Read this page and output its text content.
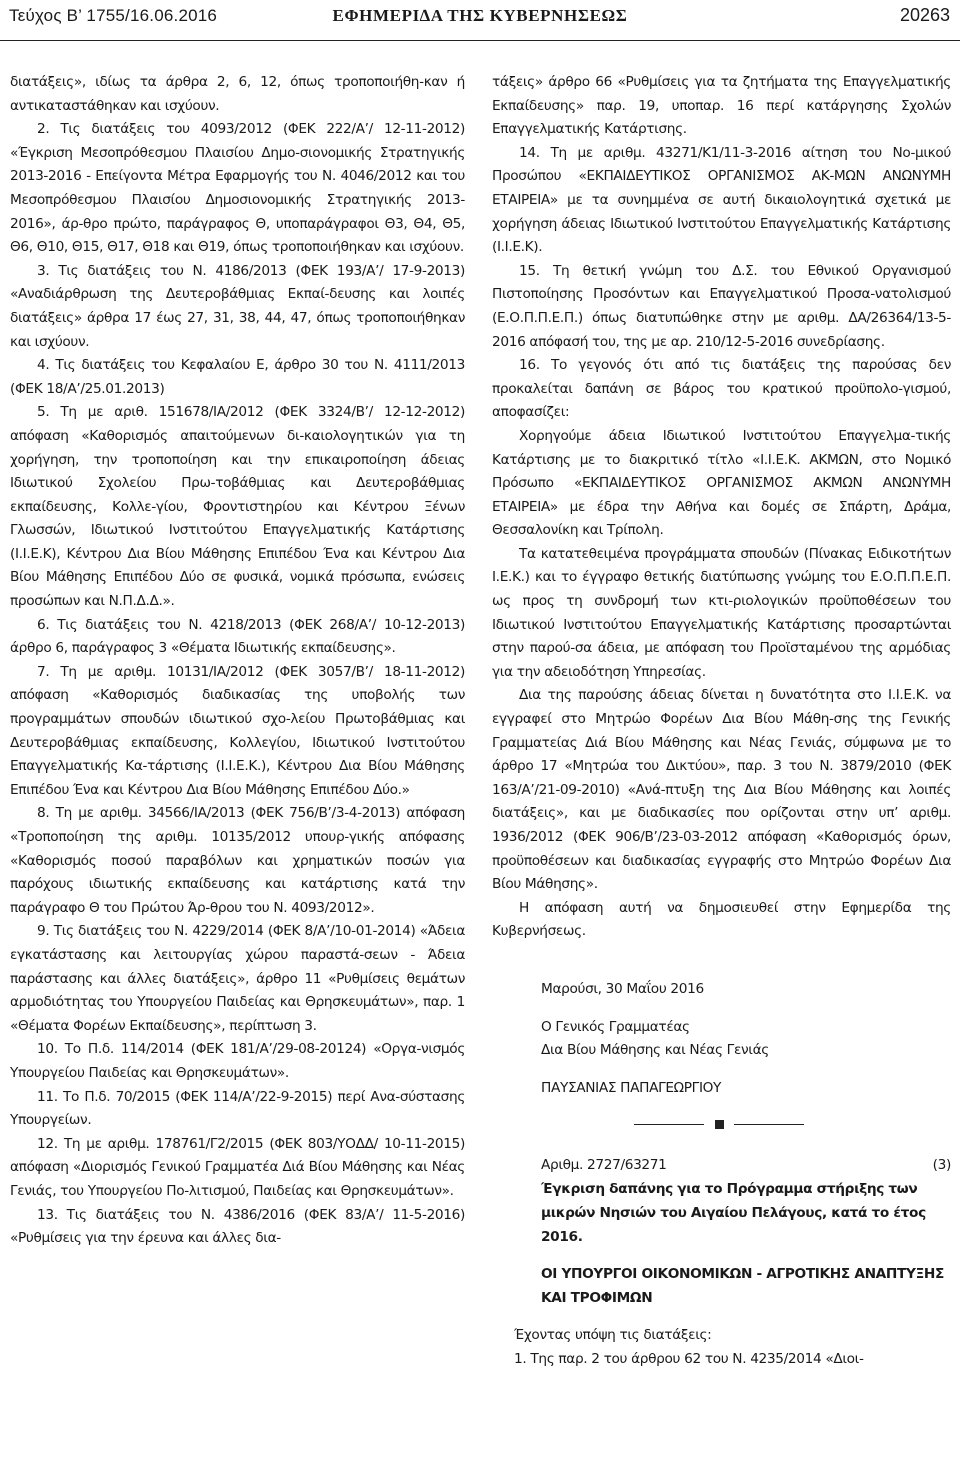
Τεύχος Β’ 1755/16.06.2016	ΕΦΗΜΕΡΙ∆Α ΤΗΣ ΚΥΒΕΡΝΗΣΕΩΣ	20263

διατάξεις», ιδίως τα άρθρα 2, 6, 12, όπως τροποποιήθη-καν ή αντικαταστάθηκαν και ισχύουν.

2. Τις διατάξεις του 4093/2012 (ΦΕΚ 222/Α’/ 12-11-2012) «Έγκριση Μεσοπρόθεσμου Πλαισίου Δημο-σιονομικής Στρατηγικής 2013-2016 - Επείγοντα Μέτρα Εφαρμογής του Ν. 4046/2012 και του Μεσοπρόθεσμου Πλαισίου Δημοσιονομικής Στρατηγικής 2013-2016», άρ-θρο πρώτο, παράγραφος Θ, υποπαράγραφοι Θ3, Θ4, Θ5, Θ6, Θ10, Θ15, Θ17, Θ18 και Θ19, όπως τροποποιήθηκαν και ισχύουν.

3. Τις διατάξεις του Ν. 4186/2013 (ΦΕΚ 193/Α’/ 17-9-2013) «Αναδιάρθρωση της Δευτεροβάθμιας Εκπαί-δευσης και λοιπές διατάξεις» άρθρα 17 έως 27, 31, 38, 44, 47, όπως τροποποιήθηκαν και ισχύουν.

4. Τις διατάξεις του Κεφαλαίου Ε, άρθρο 30 του Ν. 4111/2013 (ΦΕΚ 18/Α’/25.01.2013)

5. Τη με αριθ. 151678/ΙΑ/2012 (ΦΕΚ 3324/Β’/ 12-12-2012) απόφαση «Καθορισμός απαιτούμενων δι-καιολογητικών για τη χορήγηση, την τροποποίηση και την επικαιροποίηση άδειας Ιδιωτικού Σχολείου Πρω-τοβάθμιας και Δευτεροβάθμιας εκπαίδευσης, Κολλε-γίου, Φροντιστηρίου και Κέντρου Ξένων Γλωσσών, Ιδιωτικού Ινστιτούτου Επαγγελματικής Κατάρτισης (Ι.Ι.Ε.Κ), Κέντρου Δια Βίου Μάθησης Επιπέδου Ένα και Κέντρου Δια Βίου Μάθησης Επιπέδου Δύο σε φυσικά, νομικά πρόσωπα, ενώσεις προσώπων και Ν.Π.Δ.Δ.».

6. Τις διατάξεις του Ν. 4218/2013 (ΦΕΚ 268/Α’/ 10-12-2013) άρθρο 6, παράγραφος 3 «Θέματα Ιδιωτικής εκπαίδευσης».

7. Τη με αριθμ. 10131/ΙΑ/2012 (ΦΕΚ 3057/Β’/ 18-11-2012) απόφαση «Καθορισμός διαδικασίας της υποβολής των προγραμμάτων σπουδών ιδιωτικού σχο-λείου Πρωτοβάθμιας και Δευτεροβάθμιας εκπαίδευσης, Κολλεγίου, Ιδιωτικού Ινστιτούτου Επαγγελματικής Κα-τάρτισης (Ι.Ι.Ε.Κ.), Κέντρου Δια Βίου Μάθησης Επιπέδου Ένα και Κέντρου Δια Βίου Μάθησης Επιπέδου Δύο.»

8. Τη με αριθμ. 34566/ΙΑ/2013 (ΦΕΚ 756/Β’/3-4-2013) απόφαση «Τροποποίηση της αριθμ. 10135/2012 υπουρ-γικής απόφασης «Καθορισμός ποσού παραβόλων και χρηματικών ποσών για παρόχους ιδιωτικής εκπαίδευσης και κατάρτισης κατά την παράγραφο Θ του Πρώτου Άρ-θρου του Ν. 4093/2012».

9. Τις διατάξεις του Ν. 4229/2014 (ΦΕΚ 8/Α’/10-01-2014) «Άδεια εγκατάστασης και λειτουργίας χώρου παραστά-σεων - Άδεια παράστασης και άλλες διατάξεις», άρθρο 11 «Ρυθμίσεις θεμάτων αρμοδιότητας του Υπουργείου Παιδείας και Θρησκευμάτων», παρ. 1 «Θέματα Φορέων Εκπαίδευσης», περίπτωση 3.

10. Το Π.δ. 114/2014 (ΦΕΚ 181/Α’/29-08-20124) «Οργα-νισμός Υπουργείου Παιδείας και Θρησκευμάτων».

11. Το Π.δ. 70/2015 (ΦΕΚ 114/Α’/22-9-2015) περί Ανα-σύστασης Υπουργείων.

12. Τη με αριθμ. 178761/Γ2/2015 (ΦΕΚ 803/ΥΟΔΔ/ 10-11-2015) απόφαση «Διορισμός Γενικού Γραμματέα Διά Βίου Μάθησης και Νέας Γενιάς, του Υπουργείου Πο-λιτισμού, Παιδείας και Θρησκευμάτων».

13. Τις διατάξεις του Ν. 4386/2016 (ΦΕΚ 83/Α’/ 11-5-2016) «Ρυθμίσεις για την έρευνα και άλλες δια-

τάξεις» άρθρο 66 «Ρυθμίσεις για τα ζητήματα της Επαγγελματικής Εκπαίδευσης» παρ. 19, υποπαρ. 16 περί κατάργησης Σχολών Επαγγελματικής Κατάρτισης.

14. Τη με αριθμ. 43271/Κ1/11-3-2016 αίτηση του Νο-μικού Προσώπου «ΕΚΠΑΙΔΕΥΤΙΚΟΣ ΟΡΓΑΝΙΣΜΟΣ ΑΚ-ΜΩΝ ΑΝΩΝΥΜΗ ΕΤΑΙΡΕΙΑ» με τα συνημμένα σε αυτή δικαιολογητικά σχετικά με χορήγηση άδειας Ιδιωτικού Ινστιτούτου Επαγγελματικής Κατάρτισης (Ι.Ι.Ε.Κ).

15. Τη θετική γνώμη του Δ.Σ. του Εθνικού Οργανισμού Πιστοποίησης Προσόντων και Επαγγελματικού Προσα-νατολισμού (Ε.Ο.Π.Π.Ε.Π.) όπως διατυπώθηκε στην με αριθμ. ΔΑ/26364/13-5-2016 απόφασή του, της με αρ. 210/12-5-2016 συνεδρίασης.

16. Το γεγονός ότι από τις διατάξεις της παρούσας δεν προκαλείται δαπάνη σε βάρος του κρατικού προϋπολο-γισμού, αποφασίζει:

Χορηγούμε άδεια Ιδιωτικού Ινστιτούτου Επαγγελμα-τικής Κατάρτισης με το διακριτικό τίτλο «Ι.Ι.Ε.Κ. ΑΚΜΩΝ, στο Νομικό Πρόσωπο «ΕΚΠΑΙΔΕΥΤΙΚΟΣ ΟΡΓΑΝΙΣΜΟΣ ΑΚΜΩΝ ΑΝΩΝΥΜΗ ΕΤΑΙΡΕΙΑ» με έδρα την Αθήνα και δομές σε Σπάρτη, Δράμα, Θεσσαλονίκη και Τρίπολη.

Τα κατατεθειμένα προγράμματα σπουδών (Πίνακας Ειδικοτήτων Ι.Ε.Κ.) και το έγγραφο θετικής διατύπωσης γνώμης του Ε.Ο.Π.Π.Ε.Π. ως προς τη συνδρομή των κτι-ριολογικών προϋποθέσεων του Ιδιωτικού Ινστιτούτου Επαγγελματικής Κατάρτισης προσαρτώνται στην παρού-σα άδεια, με απόφαση του Προϊσταμένου της αρμόδιας για την αδειοδότηση Υπηρεσίας.

Δια της παρούσης άδειας δίνεται η δυνατότητα στο Ι.Ι.Ε.Κ. να εγγραφεί στο Μητρώο Φορέων Δια Βίου Μάθη-σης της Γενικής Γραμματείας Διά Βίου Μάθησης και Νέας Γενιάς, σύμφωνα με το άρθρο 17 «Μητρώα του Δικτύου», παρ. 3 του Ν. 3879/2010 (ΦΕΚ 163/Α’/21-09-2010) «Ανά-πτυξη της Δια Βίου Μάθησης και λοιπές διατάξεις», και με διαδικασίες που ορίζονται στην υπ’ αριθμ. 1936/2012 (ΦΕΚ 906/Β’/23-03-2012 απόφαση «Καθορισμός όρων, προϋποθέσεων και διαδικασίας εγγραφής στο Μητρώο Φορέων Δια Βίου Μάθησης».

Η απόφαση αυτή να δημοσιευθεί στην Εφημερίδα της Κυβερνήσεως.

Μαρούσι, 30 Μαΐου 2016

Ο Γενικός Γραμματέας

Δια Βίου Μάθησης και Νέας Γενιάς

ΠΑΥΣΑΝΙΑΣ ΠΑΠΑΓΕΩΡΓΙΟΥ

Αριθμ. 2727/63271	(3)

Έγκριση δαπάνης για το Πρόγραμμα στήριξης των μικρών Νησιών του Αιγαίου Πελάγους, κατά το έτος 2016.

ΟΙ ΥΠΟΥΡΓΟΙ ΟΙΚΟΝΟΜΙΚΩΝ - ΑΓΡΟΤΙΚΗΣ ΑΝΑΠΤΥΞΗΣ ΚΑΙ ΤΡΟΦΙΜΩΝ

Έχοντας υπόψη τις διατάξεις:

1. Της παρ. 2 του άρθρου 62 του Ν. 4235/2014 «Διοι-
